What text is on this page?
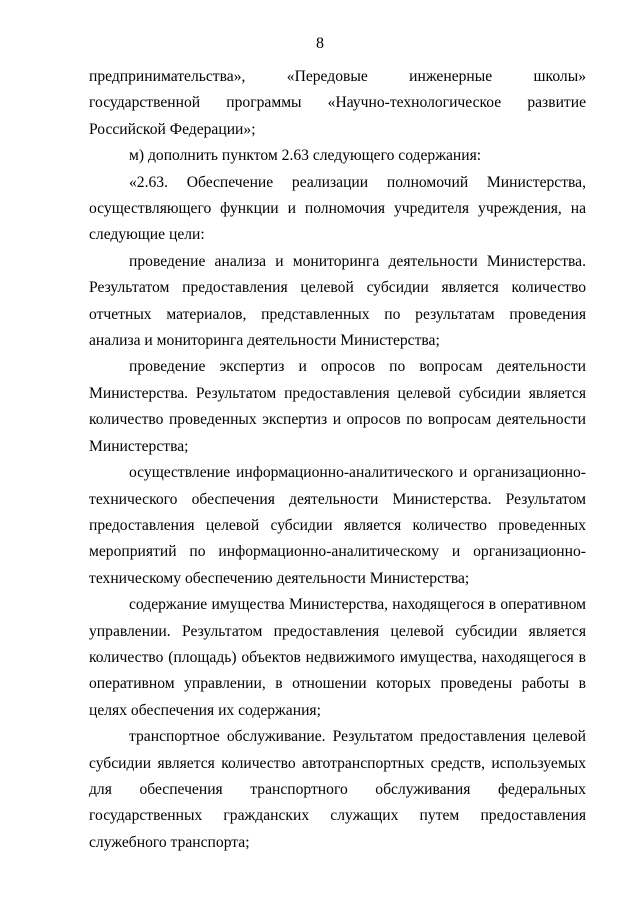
8

предпринимательства», «Передовые инженерные школы» государственной программы «Научно-технологическое развитие Российской Федерации»;

м) дополнить пунктом 2.63 следующего содержания:

«2.63. Обеспечение реализации полномочий Министерства, осуществляющего функции и полномочия учредителя учреждения, на следующие цели:

проведение анализа и мониторинга деятельности Министерства. Результатом предоставления целевой субсидии является количество отчетных материалов, представленных по результатам проведения анализа и мониторинга деятельности Министерства;

проведение экспертиз и опросов по вопросам деятельности Министерства. Результатом предоставления целевой субсидии является количество проведенных экспертиз и опросов по вопросам деятельности Министерства;

осуществление информационно-аналитического и организационно-технического обеспечения деятельности Министерства. Результатом предоставления целевой субсидии является количество проведенных мероприятий по информационно-аналитическому и организационно-техническому обеспечению деятельности Министерства;

содержание имущества Министерства, находящегося в оперативном управлении. Результатом предоставления целевой субсидии является количество (площадь) объектов недвижимого имущества, находящегося в оперативном управлении, в отношении которых проведены работы в целях обеспечения их содержания;

транспортное обслуживание. Результатом предоставления целевой субсидии является количество автотранспортных средств, используемых для обеспечения транспортного обслуживания федеральных государственных гражданских служащих путем предоставления служебного транспорта;
